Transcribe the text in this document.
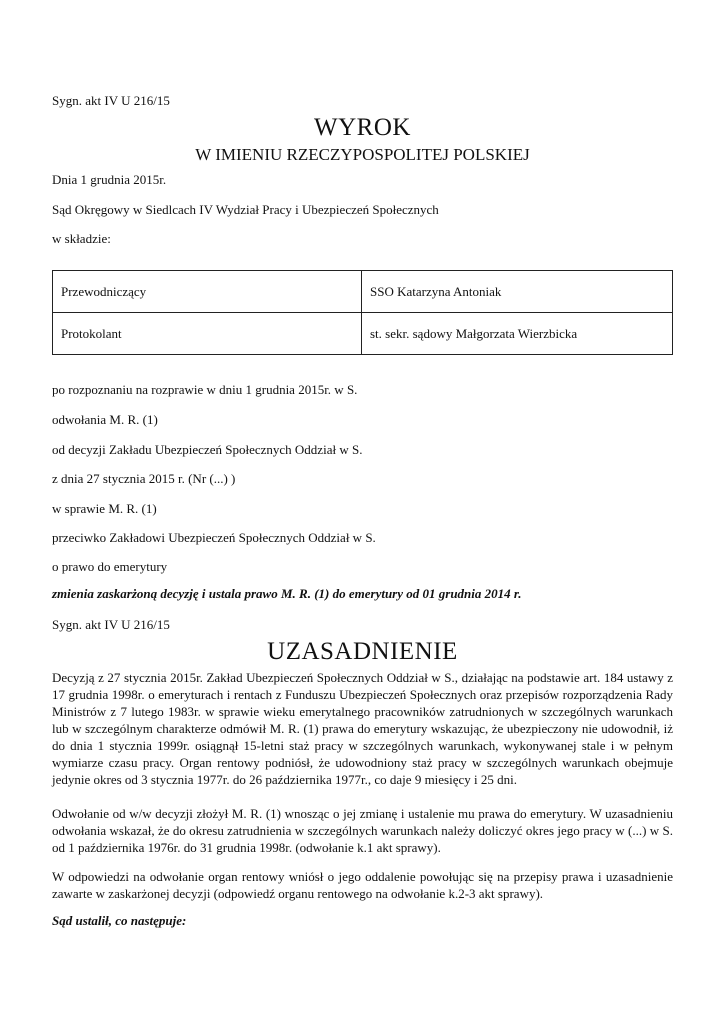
Sygn. akt IV U 216/15
WYROK
W IMIENIU RZECZYPOSPOLITEJ POLSKIEJ
Dnia 1 grudnia 2015r.
Sąd Okręgowy w Siedlcach IV Wydział Pracy i Ubezpieczeń Społecznych
w składzie:
Przewodniczący	SSO Katarzyna Antoniak
Protokolant	st. sekr. sądowy Małgorzata Wierzbicka
po rozpoznaniu na rozprawie w dniu 1 grudnia 2015r. w S.
odwołania M. R. (1)
od decyzji Zakładu Ubezpieczeń Społecznych Oddział w S.
z dnia 27 stycznia 2015 r. (Nr (...) )
w sprawie M. R. (1)
przeciwko Zakładowi Ubezpieczeń Społecznych Oddział w S.
o prawo do emerytury
zmienia zaskarżoną decyzję i ustala prawo M. R. (1) do emerytury od 01 grudnia 2014 r.
Sygn. akt IV U 216/15
UZASADNIENIE

Decyzją z 27 stycznia 2015r. Zakład Ubezpieczeń Społecznych Oddział w S., działając na podstawie art. 184 ustawy z 17 grudnia 1998r. o emeryturach i rentach z Funduszu Ubezpieczeń Społecznych oraz przepisów rozporządzenia Rady Ministrów z 7 lutego 1983r. w sprawie wieku emerytalnego pracowników zatrudnionych w szczególnych warunkach lub w szczególnym charakterze odmówił M. R. (1) prawa do emerytury wskazując, że ubezpieczony nie udowodnił, iż do dnia 1 stycznia 1999r. osiągnął 15-letni staż pracy w szczególnych warunkach, wykonywanej stale i w pełnym wymiarze czasu pracy. Organ rentowy podniósł, że udowodniony staż pracy w szczególnych warunkach obejmuje jedynie okres od 3 stycznia 1977r. do 26 października 1977r., co daje 9 miesięcy i 25 dni.

Odwołanie od w/w decyzji złożył M. R. (1) wnosząc o jej zmianę i ustalenie mu prawa do emerytury. W uzasadnieniu odwołania wskazał, że do okresu zatrudnienia w szczególnych warunkach należy doliczyć okres jego pracy w (...) w S. od 1 października 1976r. do 31 grudnia 1998r. (odwołanie k.1 akt sprawy).

W odpowiedzi na odwołanie organ rentowy wniósł o jego oddalenie powołując się na przepisy prawa i uzasadnienie zawarte w zaskarżonej decyzji (odpowiedź organu rentowego na odwołanie k.2-3 akt sprawy).

Sąd ustalił, co następuje:
